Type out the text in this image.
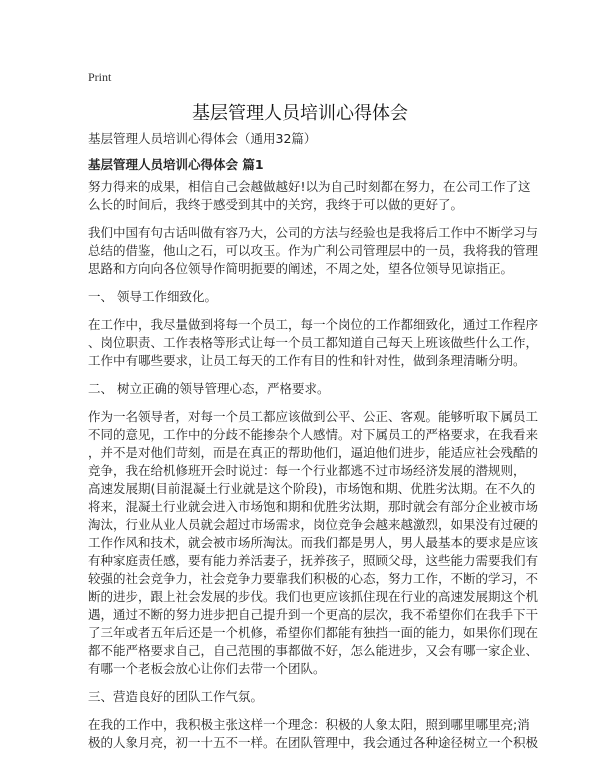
Print
基层管理人员培训心得体会
基层管理人员培训心得体会（通用32篇）
基层管理人员培训心得体会 篇1
努力得来的成果，相信自己会越做越好!以为自己时刻都在努力，在公司工作了这
么长的时间后，我终于感受到其中的关窍，我终于可以做的更好了。
我们中国有句古话叫做有容乃大，公司的方法与经验也是我将后工作中不断学习与
总结的借鉴，他山之石，可以攻玉。作为广利公司管理层中的一员，我将我的管理
思路和方向向各位领导作简明扼要的阐述，不周之处，望各位领导见谅指正。
一、 领导工作细致化。
在工作中，我尽量做到将每一个员工，每一个岗位的工作都细致化，通过工作程序
、岗位职责、工作表格等形式让每一个员工都知道自己每天上班该做些什么工作，
工作中有哪些要求，让员工每天的工作有目的性和针对性，做到条理清晰分明。
二、 树立正确的领导管理心态，严格要求。
作为一名领导者，对每一个员工都应该做到公平、公正、客观。能够听取下属员工
不同的意见，工作中的分歧不能掺杂个人感情。对下属员工的严格要求，在我看来
，并不是对他们苛刻，而是在真正的帮助他们，逼迫他们进步，能适应社会残酷的
竞争，我在给机修班开会时说过：每一个行业都逃不过市场经济发展的潜规则，
高速发展期(目前混凝土行业就是这个阶段)，市场饱和期、优胜劣汰期。在不久的
将来，混凝土行业就会进入市场饱和期和优胜劣汰期，那时就会有部分企业被市场
淘汰，行业从业人员就会超过市场需求，岗位竞争会越来越激烈，如果没有过硬的
工作作风和技术，就会被市场所淘汰。而我们都是男人，男人最基本的要求是应该
有种家庭责任感，要有能力养活妻子，抚养孩子，照顾父母，这些能力需要我们有
较强的社会竞争力，社会竞争力要靠我们积极的心态，努力工作，不断的学习，不
断的进步，跟上社会发展的步伐。我们也更应该抓住现在行业的高速发展期这个机
遇，通过不断的努力进步把自己提升到一个更高的层次，我不希望你们在我手下干
了三年或者五年后还是一个机修，希望你们都能有独挡一面的能力，如果你们现在
都不能严格要求自己，自己范围的事都做不好，怎么能进步，又会有哪一家企业、
有哪一个老板会放心让你们去带一个团队。
三、营造良好的团队工作气氛。
在我的工作中，我积极主张这样一个理念：积极的人象太阳，照到哪里哪里亮;消
极的人象月亮，初一十五不一样。在团队管理中，我会通过各种途径树立一个积极
